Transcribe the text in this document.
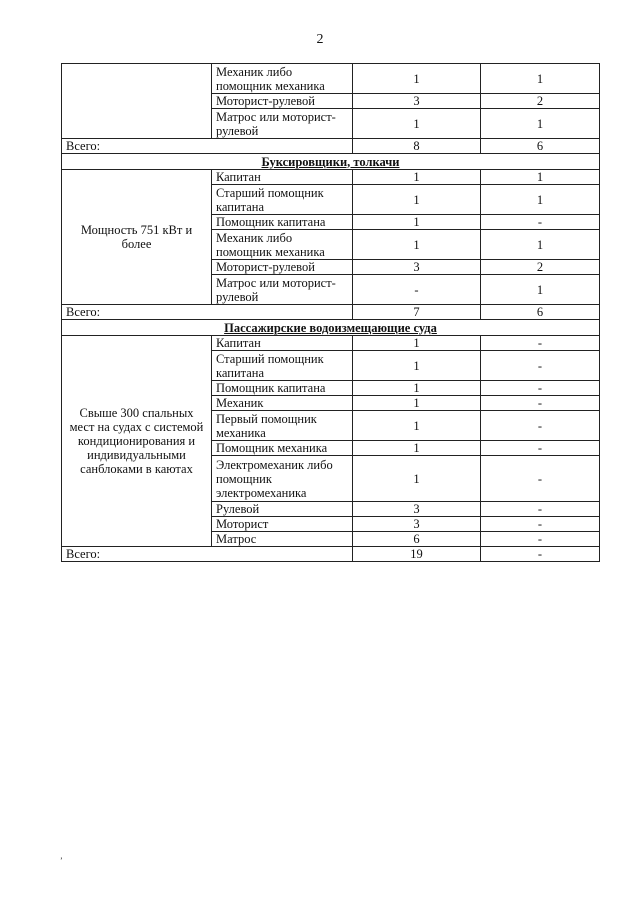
2
	Механик либо помощник механика	1	1
	Моторист-рулевой	3	2
	Матрос или моторист-рулевой	1	1
Всего:		8	6
Буксировщики, толкачи			
Мощность 751 кВт и более	Капитан	1	1
	Старший помощник капитана	1	1
	Помощник капитана	1	-
	Механик либо помощник механика	1	1
	Моторист-рулевой	3	2
	Матрос или моторист-рулевой	-	1
Всего:		7	6
Пассажирские водоизмещающие суда			
Свыше 300 спальных мест на судах с системой кондиционирования и индивидуальными санблоками в каютах	Капитан	1	-
	Старший помощник капитана	1	-
	Помощник капитана	1	-
	Механик	1	-
	Первый помощник механика	1	-
	Помощник механика	1	-
	Электромеханик либо помощник электромеханика	1	-
	Рулевой	3	-
	Моторист	3	-
	Матрос	6	-
Всего:		19	-
ʼ
